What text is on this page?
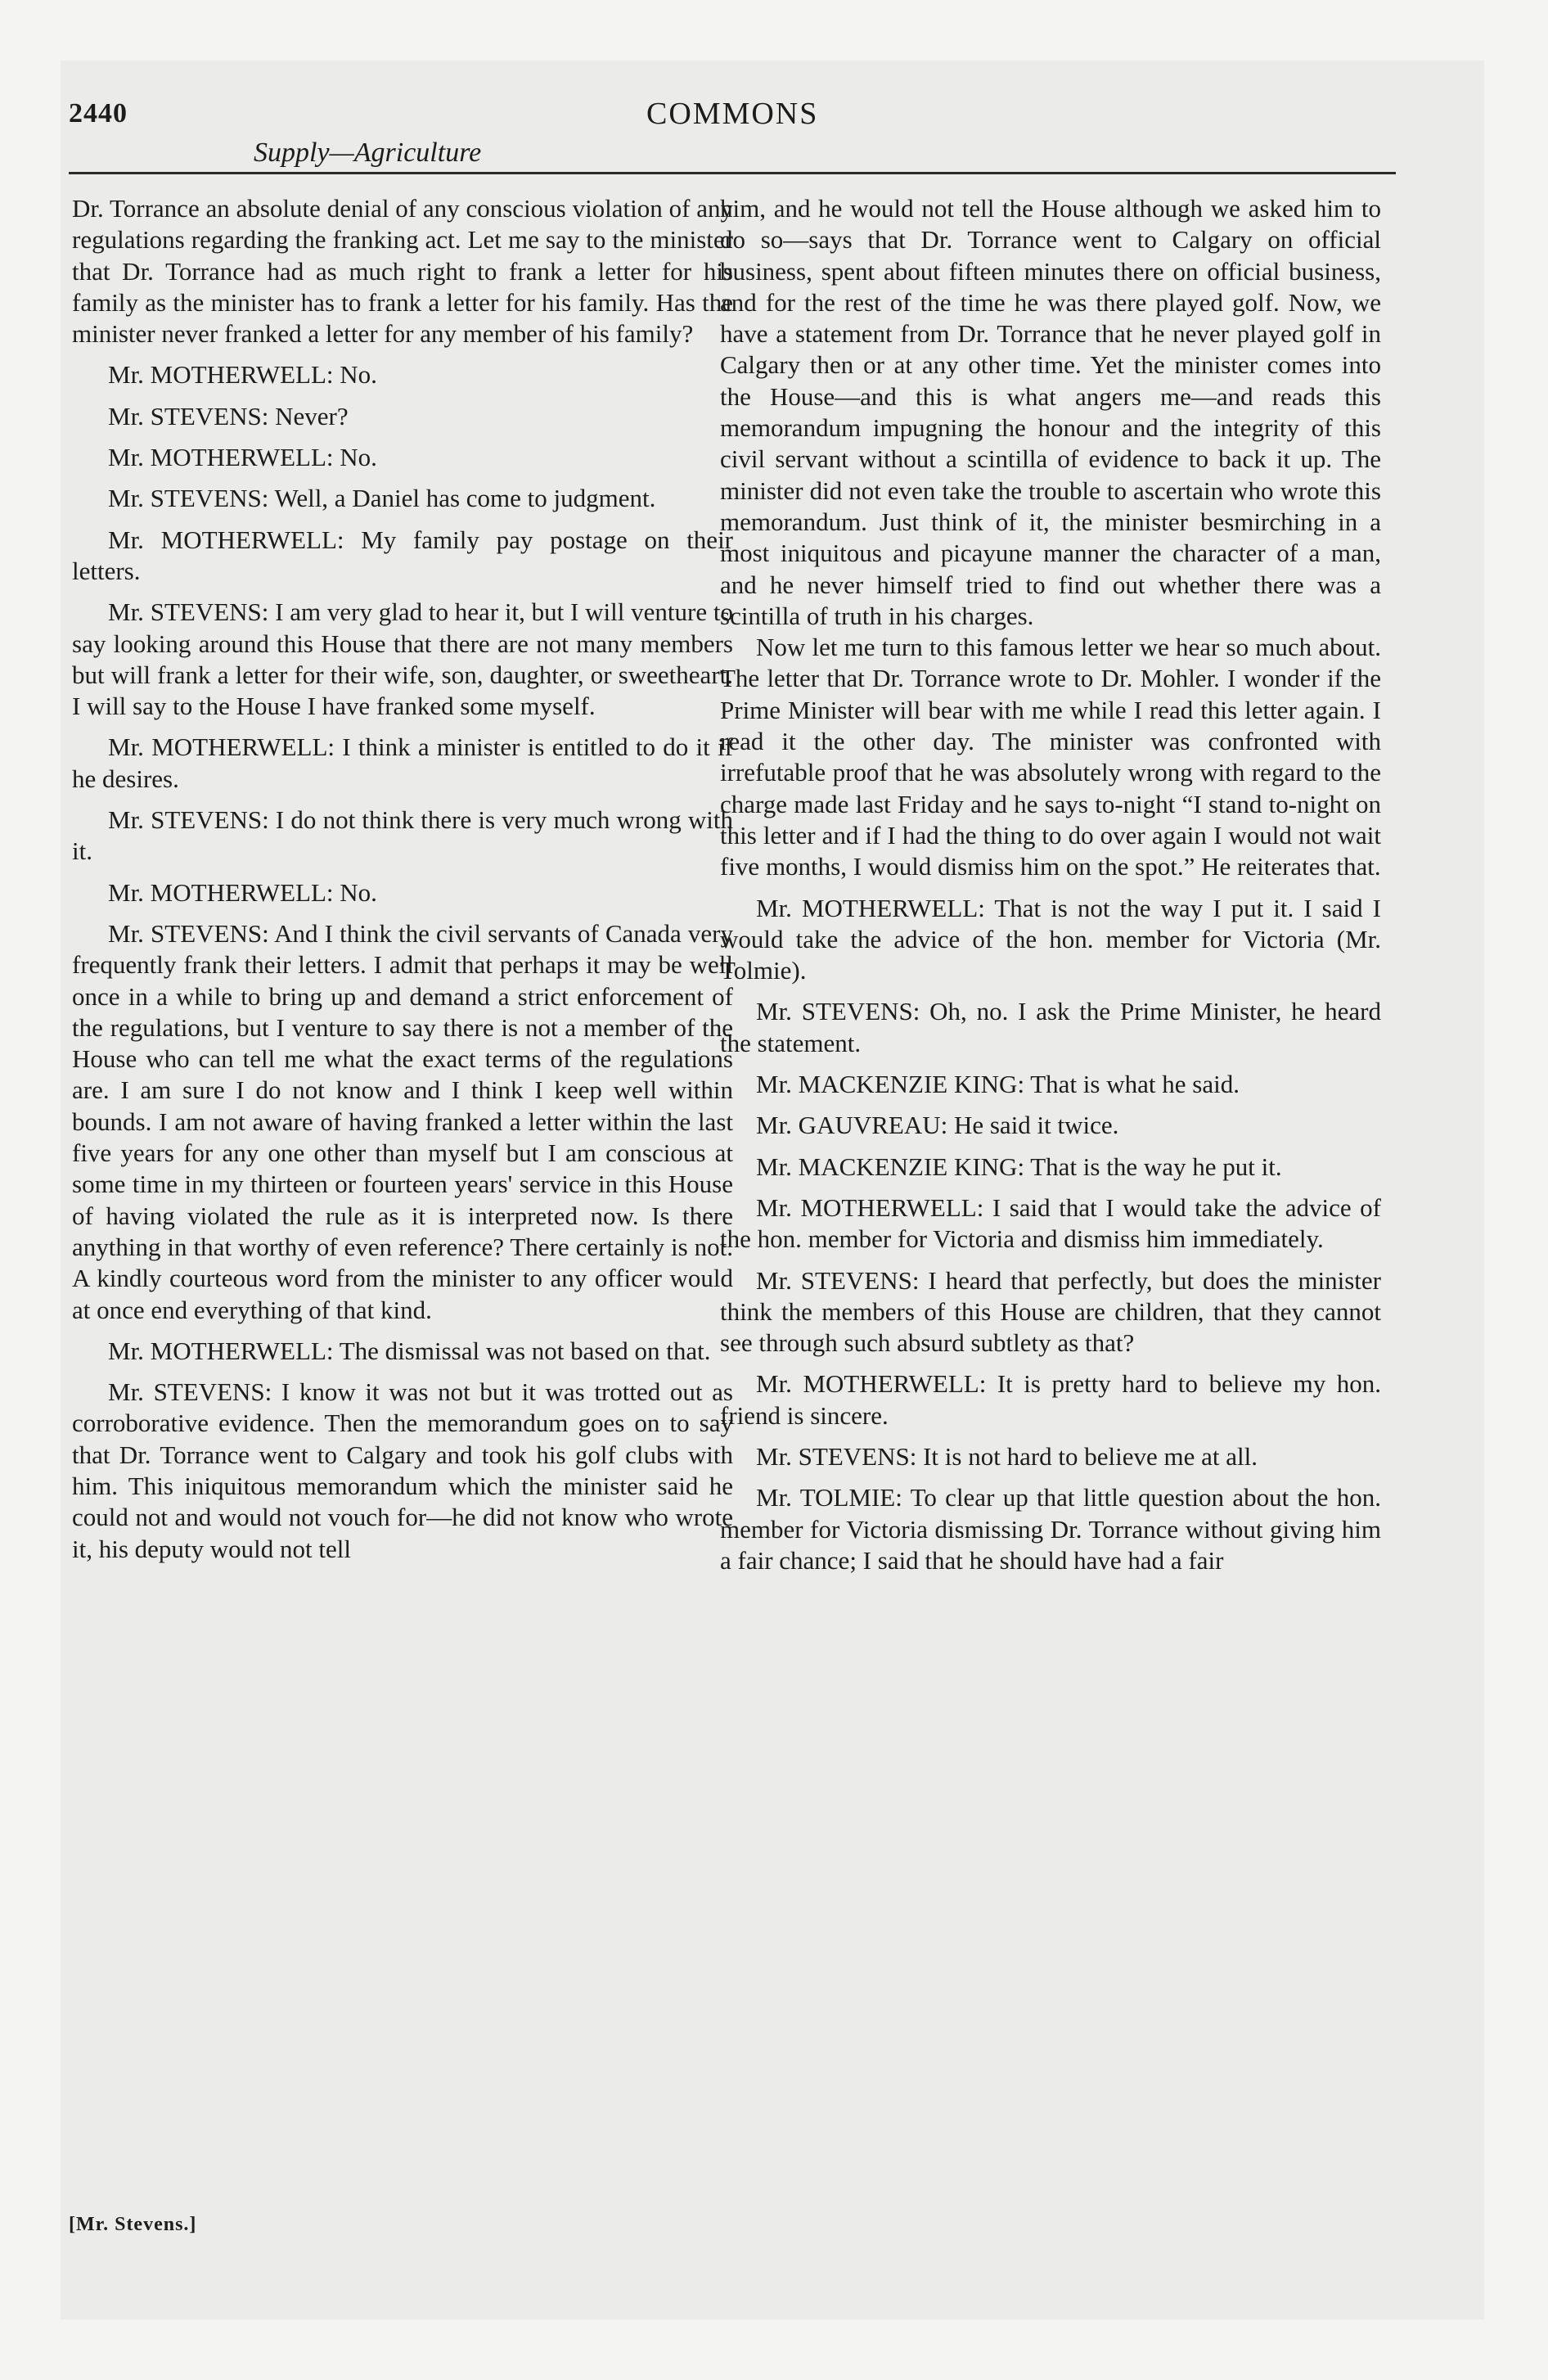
2440	COMMONS
Supply—Agriculture

Dr. Torrance an absolute denial of any conscious violation of any regulations regarding the franking act. Let me say to the minister that Dr. Torrance had as much right to frank a letter for his family as the minister has to frank a letter for his family. Has the minister never franked a letter for any member of his family?

Mr. MOTHERWELL: No.

Mr. STEVENS: Never?

Mr. MOTHERWELL: No.

Mr. STEVENS: Well, a Daniel has come to judgment.

Mr. MOTHERWELL: My family pay postage on their letters.

Mr. STEVENS: I am very glad to hear it, but I will venture to say looking around this House that there are not many members but will frank a letter for their wife, son, daughter, or sweetheart. I will say to the House I have franked some myself.

Mr. MOTHERWELL: I think a minister is entitled to do it if he desires.

Mr. STEVENS: I do not think there is very much wrong with it.

Mr. MOTHERWELL: No.

Mr. STEVENS: And I think the civil servants of Canada very frequently frank their letters. I admit that perhaps it may be well once in a while to bring up and demand a strict enforcement of the regulations, but I venture to say there is not a member of the House who can tell me what the exact terms of the regulations are. I am sure I do not know and I think I keep well within bounds. I am not aware of having franked a letter within the last five years for any one other than myself but I am conscious at some time in my thirteen or fourteen years' service in this House of having violated the rule as it is interpreted now. Is there anything in that worthy of even reference? There certainly is not. A kindly courteous word from the minister to any officer would at once end everything of that kind.

Mr. MOTHERWELL: The dismissal was not based on that.

Mr. STEVENS: I know it was not but it was trotted out as corroborative evidence. Then the memorandum goes on to say that Dr. Torrance went to Calgary and took his golf clubs with him. This iniquitous memorandum which the minister said he could not and would not vouch for—he did not know who wrote it, his deputy would not tell

him, and he would not tell the House although we asked him to do so—says that Dr. Torrance went to Calgary on official business, spent about fifteen minutes there on official business, and for the rest of the time he was there played golf. Now, we have a statement from Dr. Torrance that he never played golf in Calgary then or at any other time. Yet the minister comes into the House—and this is what angers me—and reads this memorandum impugning the honour and the integrity of this civil servant without a scintilla of evidence to back it up. The minister did not even take the trouble to ascertain who wrote this memorandum. Just think of it, the minister besmirching in a most iniquitous and picayune manner the character of a man, and he never himself tried to find out whether there was a scintilla of truth in his charges.

Now let me turn to this famous letter we hear so much about. The letter that Dr. Torrance wrote to Dr. Mohler. I wonder if the Prime Minister will bear with me while I read this letter again. I read it the other day. The minister was confronted with irrefutable proof that he was absolutely wrong with regard to the charge made last Friday and he says to-night “I stand to-night on this letter and if I had the thing to do over again I would not wait five months, I would dismiss him on the spot.” He reiterates that.

Mr. MOTHERWELL: That is not the way I put it. I said I would take the advice of the hon. member for Victoria (Mr. Tolmie).

Mr. STEVENS: Oh, no. I ask the Prime Minister, he heard the statement.

Mr. MACKENZIE KING: That is what he said.

Mr. GAUVREAU: He said it twice.

Mr. MACKENZIE KING: That is the way he put it.

Mr. MOTHERWELL: I said that I would take the advice of the hon. member for Victoria and dismiss him immediately.

Mr. STEVENS: I heard that perfectly, but does the minister think the members of this House are children, that they cannot see through such absurd subtlety as that?

Mr. MOTHERWELL: It is pretty hard to believe my hon. friend is sincere.

Mr. STEVENS: It is not hard to believe me at all.

Mr. TOLMIE: To clear up that little question about the hon. member for Victoria dismissing Dr. Torrance without giving him a fair chance; I said that he should have had a fair

[Mr. Stevens.]
